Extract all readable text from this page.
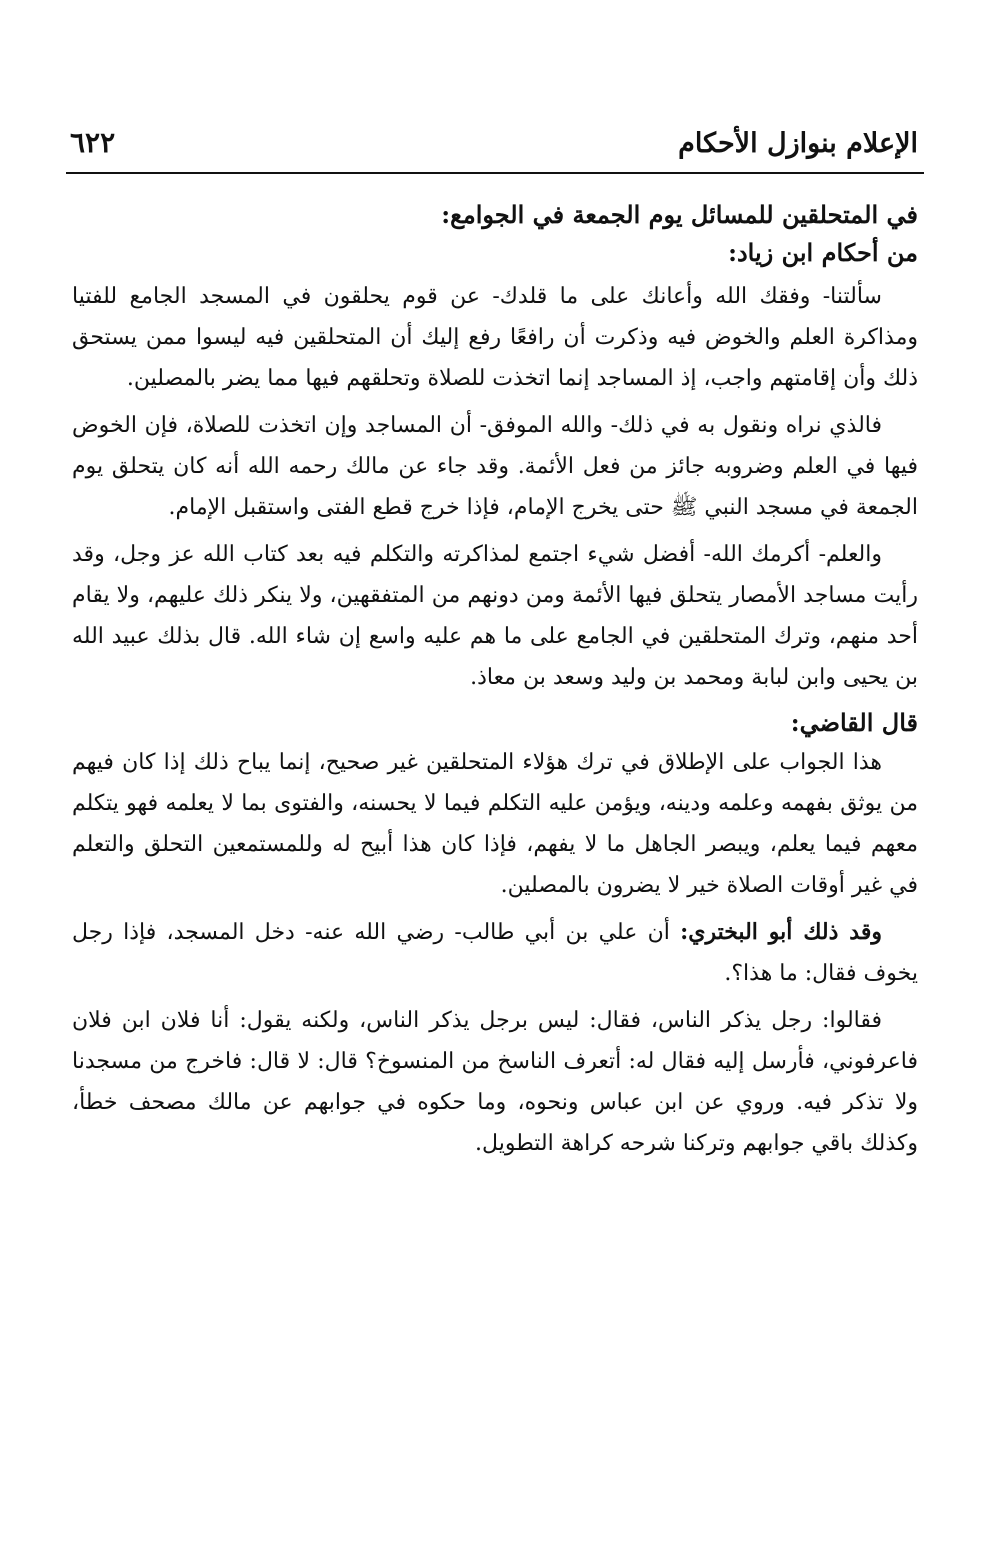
الإعلام بنوازل الأحكام
٦٢٢

في المتحلقين للمسائل يوم الجمعة في الجوامع:

من أحكام ابن زياد:

سألتنا- وفقك الله وأعانك على ما قلدك- عن قوم يحلقون في المسجد الجامع للفتيا ومذاكرة العلم والخوض فيه وذكرت أن رافعًا رفع إليك أن المتحلقين فيه ليسوا ممن يستحق ذلك وأن إقامتهم واجب، إذ المساجد إنما اتخذت للصلاة وتحلقهم فيها مما يضر بالمصلين.

فالذي نراه ونقول به في ذلك- والله الموفق- أن المساجد وإن اتخذت للصلاة، فإن الخوض فيها في العلم وضروبه جائز من فعل الأئمة. وقد جاء عن مالك رحمه الله أنه كان يتحلق يوم الجمعة في مسجد النبي ﷺ حتى يخرج الإمام، فإذا خرج قطع الفتى واستقبل الإمام.

والعلم- أكرمك الله- أفضل شيء اجتمع لمذاكرته والتكلم فيه بعد كتاب الله عز وجل، وقد رأيت مساجد الأمصار يتحلق فيها الأئمة ومن دونهم من المتفقهين، ولا ينكر ذلك عليهم، ولا يقام أحد منهم، وترك المتحلقين في الجامع على ما هم عليه واسع إن شاء الله. قال بذلك عبيد الله بن يحيى وابن لبابة ومحمد بن وليد وسعد بن معاذ.

قال القاضي:

هذا الجواب على الإطلاق في ترك هؤلاء المتحلقين غير صحيح، إنما يباح ذلك إذا كان فيهم من يوثق بفهمه وعلمه ودينه، ويؤمن عليه التكلم فيما لا يحسنه، والفتوى بما لا يعلمه فهو يتكلم معهم فيما يعلم، ويبصر الجاهل ما لا يفهم، فإذا كان هذا أبيح له وللمستمعين التحلق والتعلم في غير أوقات الصلاة خير لا يضرون بالمصلين.

وقد ذلك أبو البختري: أن علي بن أبي طالب- رضي الله عنه- دخل المسجد، فإذا رجل يخوف فقال: ما هذا؟.

فقالوا: رجل يذكر الناس، فقال: ليس برجل يذكر الناس، ولكنه يقول: أنا فلان ابن فلان فاعرفوني، فأرسل إليه فقال له: أتعرف الناسخ من المنسوخ؟ قال: لا قال: فاخرج من مسجدنا ولا تذكر فيه. وروي عن ابن عباس ونحوه، وما حكوه في جوابهم عن مالك مصحف خطأ، وكذلك باقي جوابهم وتركنا شرحه كراهة التطويل.
